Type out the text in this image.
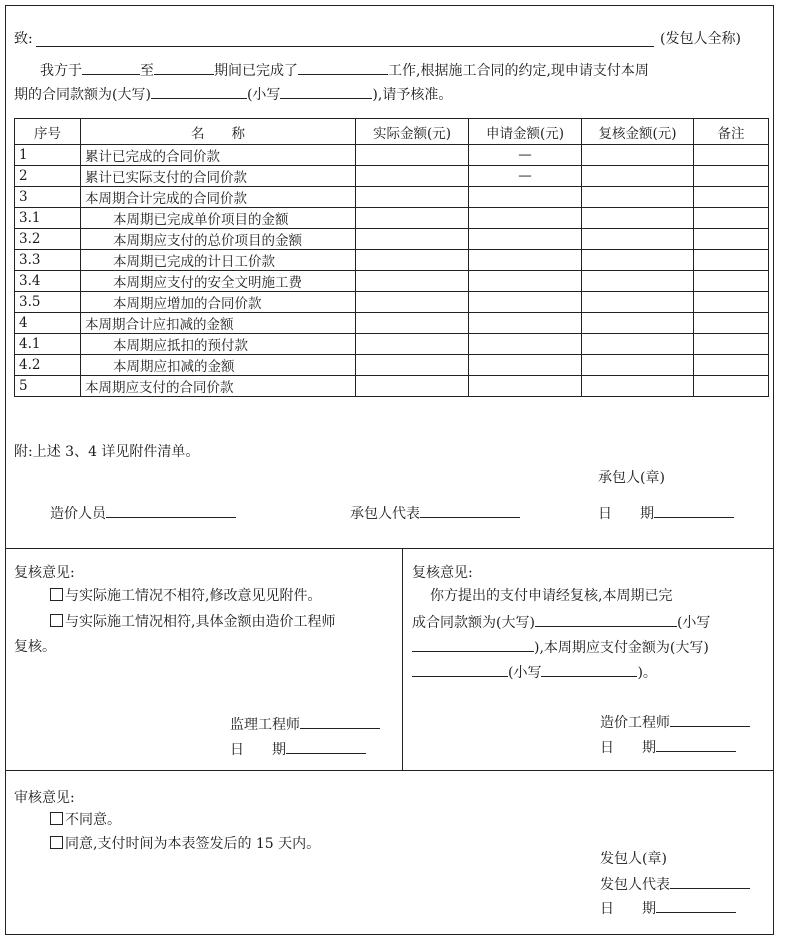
致:	(发包人全称)
我方于	至	期间已完成了	工作,根据施工合同的约定,现申请支付本周
期的合同款额为(大写)	(小写	),请予核准。
序号	名　　称	实际金额(元)	申请金额(元)	复核金额(元)	备注
1	累计已完成的合同价款		—		
2	累计已实际支付的合同价款		—		
3	本周期合计完成的合同价款				
3.1	本周期已完成单价项目的金额				
3.2	本周期应支付的总价项目的金额				
3.3	本周期已完成的计日工价款				
3.4	本周期应支付的安全文明施工费				
3.5	本周期应增加的合同价款				
4	本周期合计应扣减的金额				
4.1	本周期应抵扣的预付款				
4.2	本周期应扣减的金额				
5	本周期应支付的合同价款				
附:上述 3、4 详见附件清单。
承包人(章)
造价人员	承包人代表	日　　期
复核意见:
与实际施工情况不相符,修改意见见附件。
与实际施工情况相符,具体金额由造价工程师
复核。
监理工程师
日　　期
复核意见:
你方提出的支付申请经复核,本周期已完
成合同款额为(大写)	(小写
),本周期应支付金额为(大写)
(小写	)。
造价工程师
日　　期
审核意见:
不同意。
同意,支付时间为本表签发后的 15 天内。
发包人(章)
发包人代表
日　　期
